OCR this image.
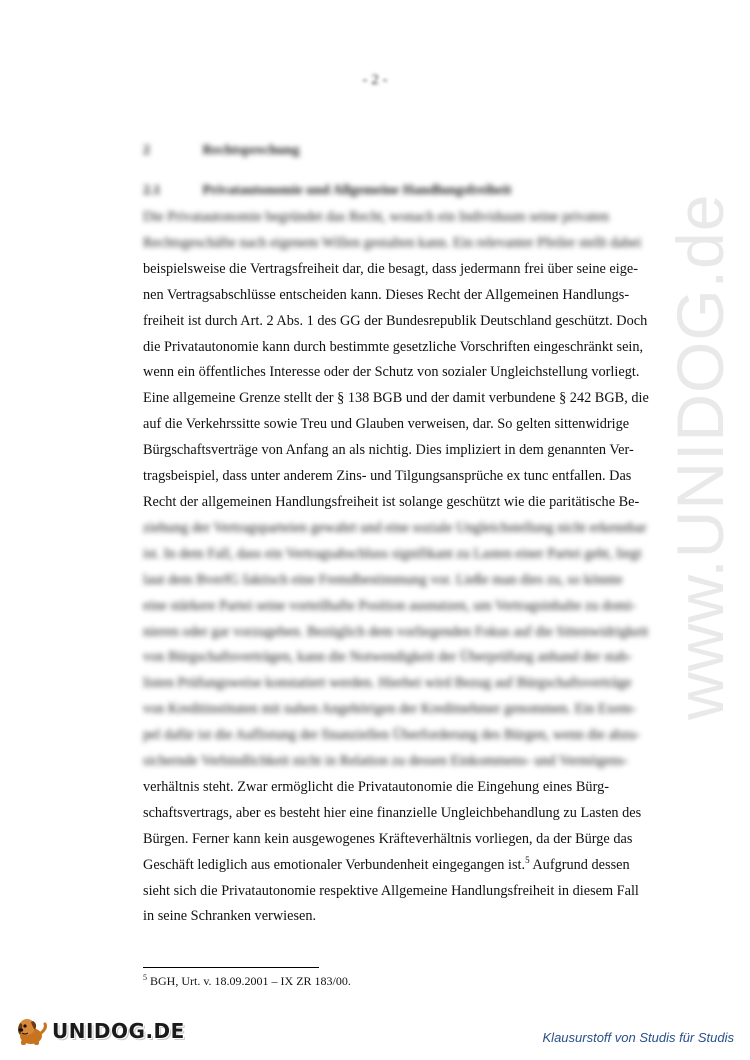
www.UNIDOG.de
- 2 -
2	Rechtsprechung
2.1	Privatautonomie und Allgemeine Handlungsfreiheit
Die Privatautonomie begründet das Recht, wonach ein Individuum seine privaten
Rechtsgeschäfte nach eigenem Willen gestalten kann. Ein relevanter Pfeiler stellt dabei
beispielsweise die Vertragsfreiheit dar, die besagt, dass jedermann frei über seine eige-
nen Vertragsabschlüsse entscheiden kann. Dieses Recht der Allgemeinen Handlungs-
freiheit ist durch Art. 2 Abs. 1 des GG der Bundesrepublik Deutschland geschützt. Doch
die Privatautonomie kann durch bestimmte gesetzliche Vorschriften eingeschränkt sein,
wenn ein öffentliches Interesse oder der Schutz von sozialer Ungleichstellung vorliegt.
Eine allgemeine Grenze stellt der § 138 BGB und der damit verbundene § 242 BGB, die
auf die Verkehrssitte sowie Treu und Glauben verweisen, dar. So gelten sittenwidrige
Bürgschaftsverträge von Anfang an als nichtig. Dies impliziert in dem genannten Ver-
tragsbeispiel, dass unter anderem Zins- und Tilgungsansprüche ex tunc entfallen. Das
Recht der allgemeinen Handlungsfreiheit ist solange geschützt wie die paritätische Be-
ziehung der Vertragsparteien gewahrt und eine soziale Ungleichstellung nicht erkennbar
ist. In dem Fall, dass ein Vertragsabschluss signifikant zu Lasten einer Partei geht, liegt
laut dem BverfG faktisch eine Fremdbestimmung vor. Ließe man dies zu, so könnte
eine stärkere Partei seine vorteilhafte Position ausnutzen, um Vertragsinhalte zu domi-
nieren oder gar vorzugeben. Bezüglich dem vorliegenden Fokus auf die Sittenwidrigkeit
von Bürgschaftsverträgen, kann die Notwendigkeit der Überprüfung anhand der stab-
listen Prüfungsweise konstatiert werden. Hierbei wird Bezug auf Bürgschaftsverträge
von Kreditinstituten mit nahen Angehörigen der Kreditnehmer genommen. Ein Exem-
pel dafür ist die Auflistung der finanziellen Überforderung des Bürgen, wenn die abzu-
sichernde Verbindlichkeit nicht in Relation zu dessen Einkommens- und Vermögens-
verhältnis steht. Zwar ermöglicht die Privatautonomie die Eingehung eines Bürg-
schaftsvertrags, aber es besteht hier eine finanzielle Ungleichbehandlung zu Lasten des
Bürgen. Ferner kann kein ausgewogenes Kräfteverhältnis vorliegen, da der Bürge das
Geschäft lediglich aus emotionaler Verbundenheit eingegangen ist.$^5$ Aufgrund dessen
sieht sich die Privatautonomie respektive Allgemeine Handlungsfreiheit in diesem Fall
in seine Schranken verwiesen.
$^5$ BGH, Urt. v. 18.09.2001 – IX ZR 183/00.
UNIDOG.DE	Klausurstoff von Studis für Studis
